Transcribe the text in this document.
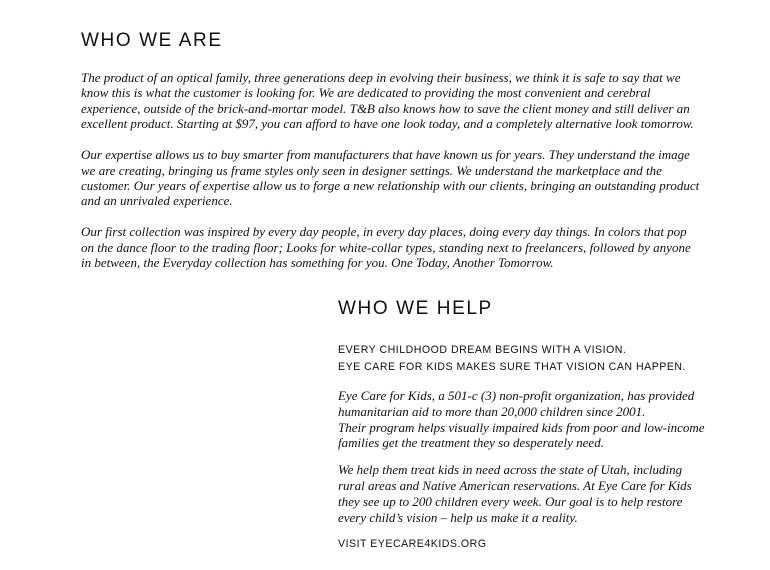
WHO WE ARE

The product of an optical family, three generations deep in evolving their business, we think it is safe to say that we know this is what the customer is looking for. We are dedicated to providing the most convenient and cerebral experience, outside of the brick-and-mortar model. T&B also knows how to save the client money and still deliver an excellent product. Starting at $97, you can afford to have one look today, and a completely alternative look tomorrow.

Our expertise allows us to buy smarter from manufacturers that have known us for years. They understand the image we are creating, bringing us frame styles only seen in designer settings. We understand the marketplace and the customer. Our years of expertise allow us to forge a new relationship with our clients, bringing an outstanding product and an unrivaled experience.

Our first collection was inspired by every day people, in every day places, doing every day things. In colors that pop on the dance floor to the trading floor; Looks for white-collar types, standing next to freelancers, followed by anyone in between, the Everyday collection has something for you. One Today, Another Tomorrow.

WHO WE HELP

EVERY CHILDHOOD DREAM BEGINS WITH A VISION.

EYE CARE FOR KIDS MAKES SURE THAT VISION CAN HAPPEN.

Eye Care for Kids, a 501-c (3) non-profit organization, has provided humanitarian aid to more than 20,000 children since 2001.

Their program helps visually impaired kids from poor and low-income families get the treatment they so desperately need.

We help them treat kids in need across the state of Utah, including rural areas and Native American reservations. At Eye Care for Kids they see up to 200 children every week. Our goal is to help restore every child’s vision – help us make it a reality.

VISIT EYECARE4KIDS.ORG
